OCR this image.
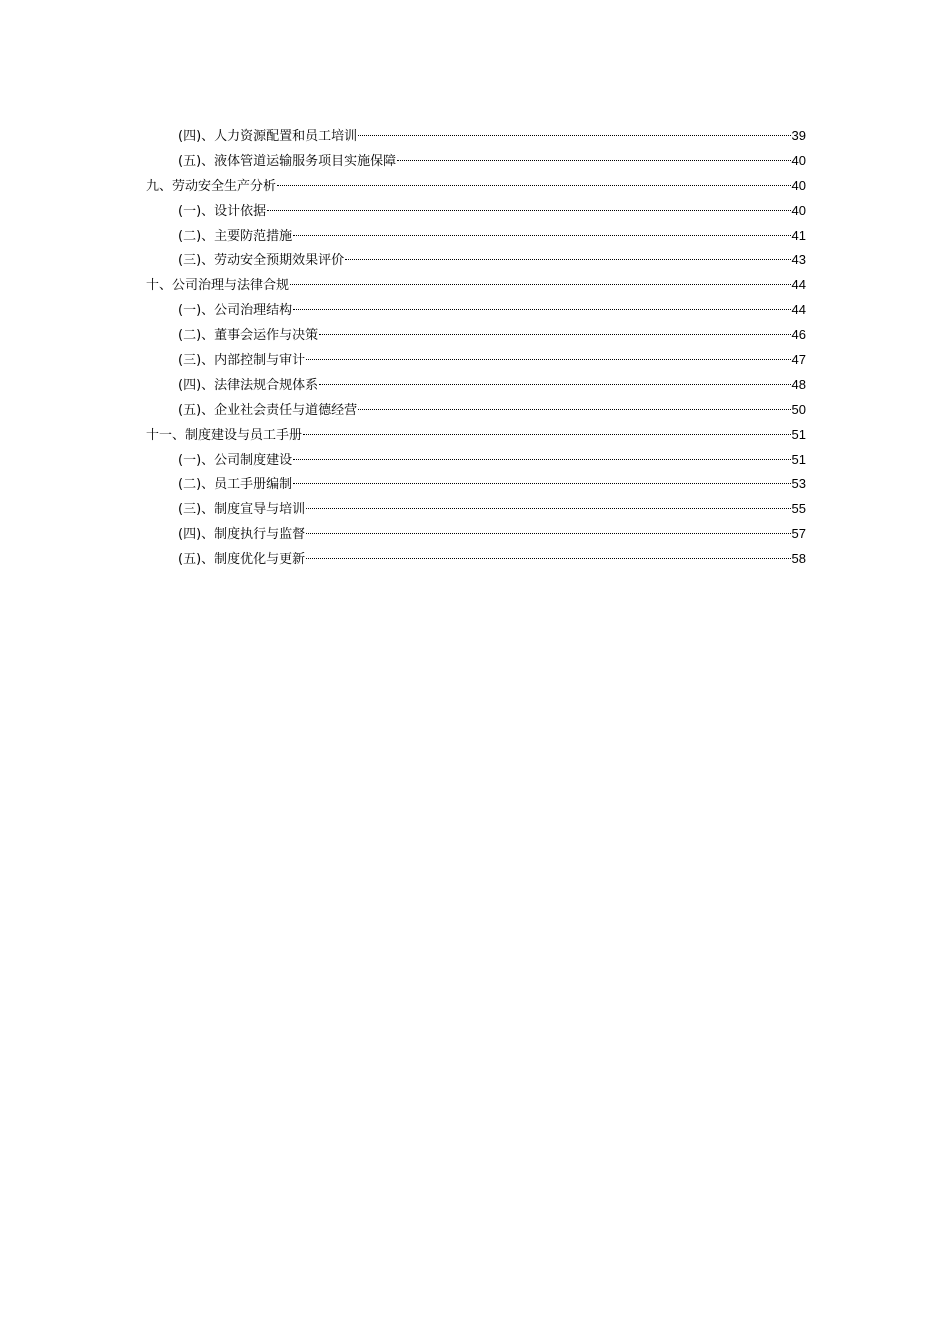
(四)、人力资源配置和员工培训	39
(五)、液体管道运输服务项目实施保障	40
九、劳动安全生产分析	40
(一)、设计依据	40
(二)、主要防范措施	41
(三)、劳动安全预期效果评价	43
十、公司治理与法律合规	44
(一)、公司治理结构	44
(二)、董事会运作与决策	46
(三)、内部控制与审计	47
(四)、法律法规合规体系	48
(五)、企业社会责任与道德经营	50
十一、制度建设与员工手册	51
(一)、公司制度建设	51
(二)、员工手册编制	53
(三)、制度宣导与培训	55
(四)、制度执行与监督	57
(五)、制度优化与更新	58
